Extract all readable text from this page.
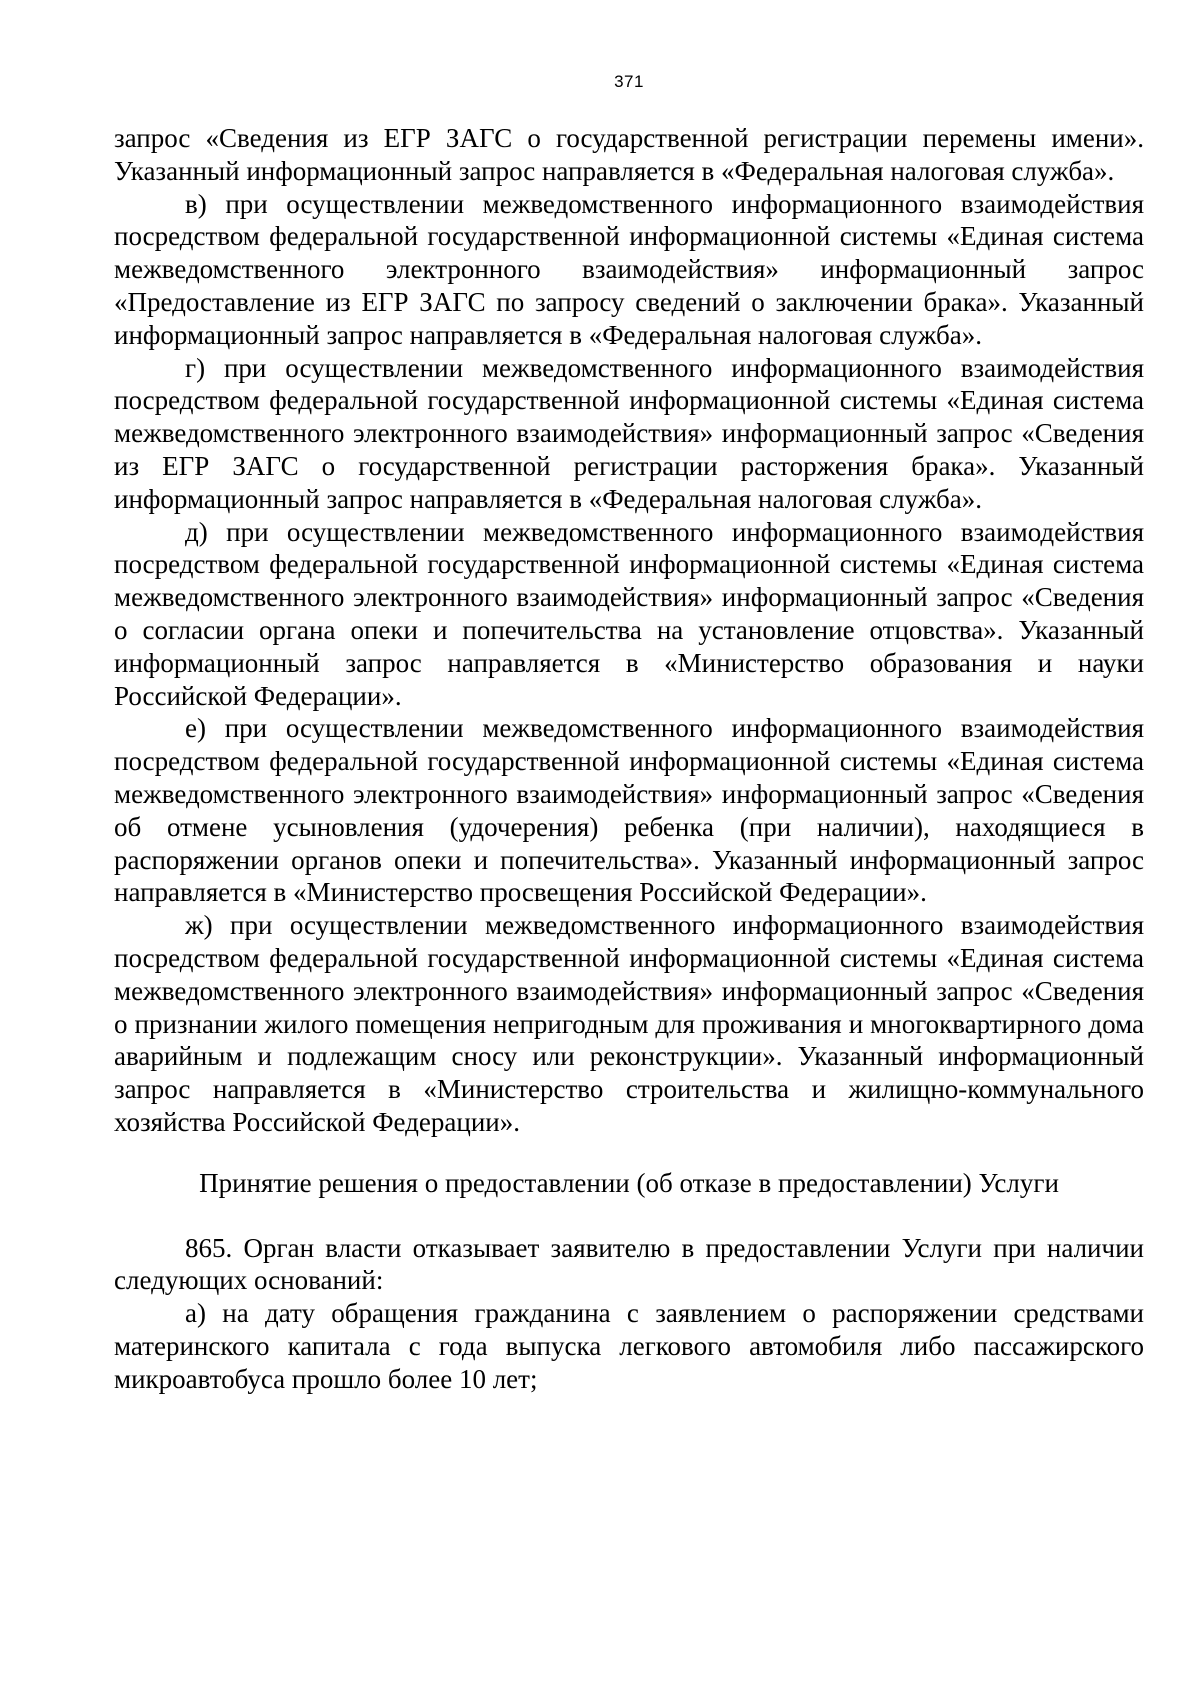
371

запрос «Сведения из ЕГР ЗАГС о государственной регистрации перемены имени». Указанный информационный запрос направляется в «Федеральная налоговая служба».

в) при осуществлении межведомственного информационного взаимодействия посредством федеральной государственной информационной системы «Единая система межведомственного электронного взаимодействия» информационный запрос «Предоставление из ЕГР ЗАГС по запросу сведений о заключении брака». Указанный информационный запрос направляется в «Федеральная налоговая служба».

г) при осуществлении межведомственного информационного взаимодействия посредством федеральной государственной информационной системы «Единая система межведомственного электронного взаимодействия» информационный запрос «Сведения из ЕГР ЗАГС о государственной регистрации расторжения брака». Указанный информационный запрос направляется в «Федеральная налоговая служба».

д) при осуществлении межведомственного информационного взаимодействия посредством федеральной государственной информационной системы «Единая система межведомственного электронного взаимодействия» информационный запрос «Сведения о согласии органа опеки и попечительства на установление отцовства». Указанный информационный запрос направляется в «Министерство образования и науки Российской Федерации».

е) при осуществлении межведомственного информационного взаимодействия посредством федеральной государственной информационной системы «Единая система межведомственного электронного взаимодействия» информационный запрос «Сведения об отмене усыновления (удочерения) ребенка (при наличии), находящиеся в распоряжении органов опеки и попечительства». Указанный информационный запрос направляется в «Министерство просвещения Российской Федерации».

ж) при осуществлении межведомственного информационного взаимодействия посредством федеральной государственной информационной системы «Единая система межведомственного электронного взаимодействия» информационный запрос «Сведения о признании жилого помещения непригодным для проживания и многоквартирного дома аварийным и подлежащим сносу или реконструкции». Указанный информационный запрос направляется в «Министерство строительства и жилищно-коммунального хозяйства Российской Федерации».

Принятие решения о предоставлении (об отказе в предоставлении) Услуги

865. Орган власти отказывает заявителю в предоставлении Услуги при наличии следующих оснований:

а) на дату обращения гражданина с заявлением о распоряжении средствами материнского капитала с года выпуска легкового автомобиля либо пассажирского микроавтобуса прошло более 10 лет;
